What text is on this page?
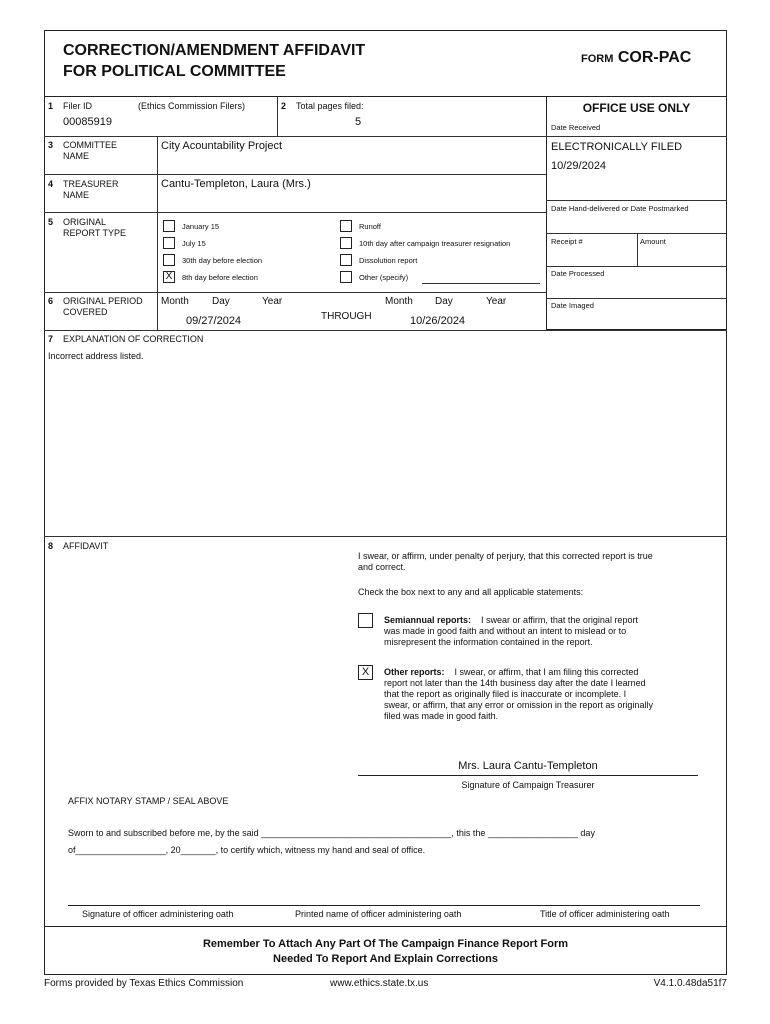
CORRECTION/AMENDMENT AFFIDAVIT
FOR POLITICAL COMMITTEE
FORM COR-PAC
OFFICE USE ONLY
Date Received
ELECTRONICALLY FILED
10/29/2024
Date Hand-delivered or Date Postmarked
Receipt #	Amount
Date Processed
Date Imaged
1 Filer ID	(Ethics Commission Filers)
00085919
2 Total pages filed:
5
3 COMMITTEE
NAME
City Acountability Project
4 TREASURER
NAME
Cantu-Templeton, Laura (Mrs.)
5 ORIGINAL
REPORT TYPE
January 15
July 15
30th day before election
X	8th day before election
Runoff
10th day after campaign treasurer resignation
Dissolution report
Other (specify)
6 ORIGINAL PERIOD
COVERED
Month Day	Year
09/27/2024	THROUGH
Month Day	Year
10/26/2024
7 EXPLANATION OF CORRECTION
Incorrect address listed.
8 AFFIDAVIT
I swear, or affirm, under penalty of perjury, that this corrected report is true
and correct.
Check the box next to any and all applicable statements:
Semiannual reports: I swear or affirm, that the original report
was made in good faith and without an intent to mislead or to
misrepresent the information contained in the report.
X	Other reports: I swear, or affirm, that I am filing this corrected
report not later than the 14th business day after the date I learned
that the report as originally filed is inaccurate or incomplete. I
swear, or affirm, that any error or omission in the report as originally
filed was made in good faith.
Mrs. Laura Cantu-Templeton
Signature of Campaign Treasurer
AFFIX NOTARY STAMP / SEAL ABOVE
Sworn to and subscribed before me, by the said ______________________________________, this the __________________ day
of__________________, 20_______, to certify which, witness my hand and seal of office.
Signature of officer administering oath	Printed name of officer administering oath	Title of officer administering oath
Remember To Attach Any Part Of The Campaign Finance Report Form
Needed To Report And Explain Corrections
Forms provided by Texas Ethics Commission	www.ethics.state.tx.us	V4.1.0.48da51f7
